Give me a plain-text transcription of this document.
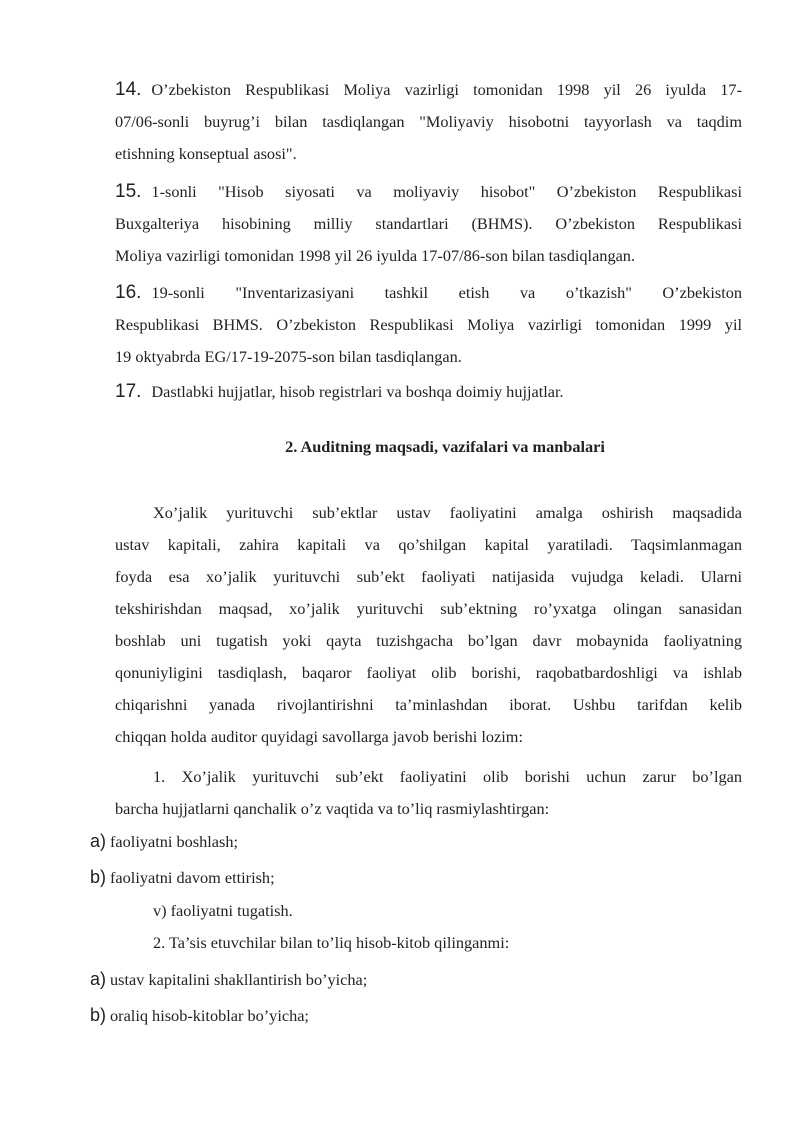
14. O’zbekiston Respublikasi Moliya vazirligi tomonidan 1998 yil 26 iyulda 17-
07/06-sonli buyrug’i bilan tasdiqlangan "Moliyaviy hisobotni tayyorlash va taqdim
etishning konseptual asosi".
15. 1-sonli "Hisob siyosati va moliyaviy hisobot" O’zbekiston Respublikasi
Buxgalteriya hisobining milliy standartlari (BHMS). O’zbekiston Respublikasi
Moliya vazirligi tomonidan 1998 yil 26 iyulda 17-07/86-son bilan tasdiqlangan.
16. 19-sonli "Inventarizasiyani tashkil etish va o’tkazish" O’zbekiston
Respublikasi BHMS. O’zbekiston Respublikasi Moliya vazirligi tomonidan 1999 yil
19 oktyabrda EG/17-19-2075-son bilan tasdiqlangan.
17. Dastlabki hujjatlar, hisob registrlari va boshqa doimiy hujjatlar.
2. Auditning maqsadi, vazifalari va manbalari
Xo’jalik yurituvchi sub’ektlar ustav faoliyatini amalga oshirish maqsadida
ustav kapitali, zahira kapitali va qo’shilgan kapital yaratiladi. Taqsimlanmagan
foyda esa xo’jalik yurituvchi sub’ekt faoliyati natijasida vujudga keladi. Ularni
tekshirishdan maqsad, xo’jalik yurituvchi sub’ektning ro’yxatga olingan sanasidan
boshlab uni tugatish yoki qayta tuzishgacha bo’lgan davr mobaynida faoliyatning
qonuniyligini tasdiqlash, baqaror faoliyat olib borishi, raqobatbardoshligi va ishlab
chiqarishni yanada rivojlantirishni ta’minlashdan iborat. Ushbu tarifdan kelib
chiqqan holda auditor quyidagi savollarga javob berishi lozim:
1. Xo’jalik yurituvchi sub’ekt faoliyatini olib borishi uchun zarur bo’lgan
barcha hujjatlarni qanchalik o’z vaqtida va to’liq rasmiylashtirgan:
a) faoliyatni boshlash;
b) faoliyatni davom ettirish;
v) faoliyatni tugatish.
2. Ta’sis etuvchilar bilan to’liq hisob-kitob qilinganmi:
a) ustav kapitalini shakllantirish bo’yicha;
b) oraliq hisob-kitoblar bo’yicha;
